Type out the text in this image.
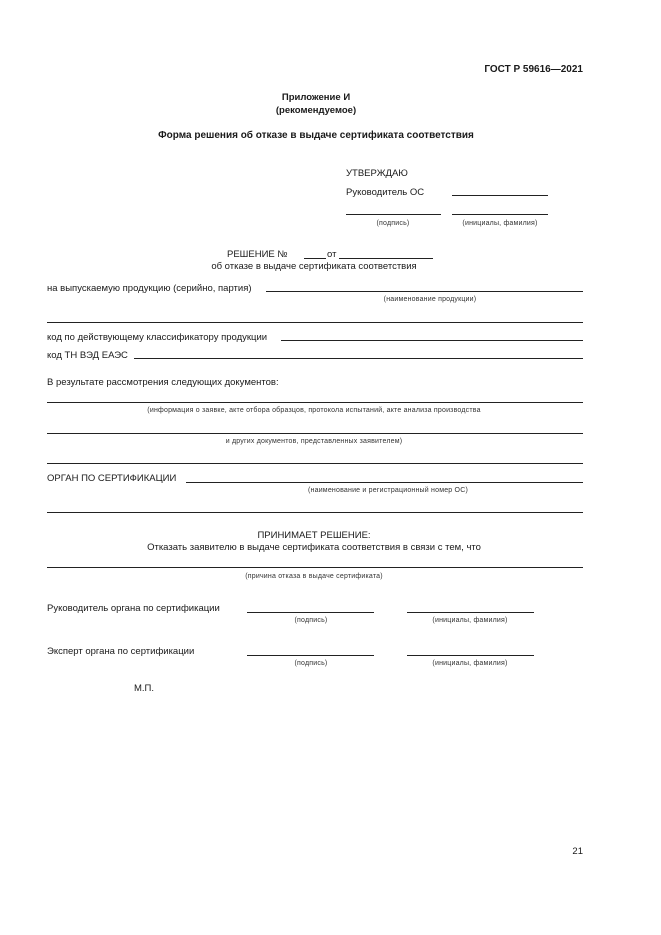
ГОСТ Р 59616—2021
Приложение И
(рекомендуемое)
Форма решения об отказе в выдаче сертификата соответствия
УТВЕРЖДАЮ
Руководитель ОС
(подпись)	(инициалы, фамилия)
РЕШЕНИЕ №	от
об отказе в выдаче сертификата соответствия
на выпускаемую продукцию (серийно, партия)
(наименование продукции)
код по действующему классификатору продукции
код ТН ВЭД ЕАЭС
В результате рассмотрения следующих документов:
(информация о заявке, акте отбора образцов, протокола испытаний, акте анализа производства
и других документов, представленных заявителем)
ОРГАН ПО СЕРТИФИКАЦИИ
(наименование и регистрационный номер ОС)
ПРИНИМАЕТ РЕШЕНИЕ:
Отказать заявителю в выдаче сертификата соответствия в связи с тем, что
(причина отказа в выдаче сертификата)
Руководитель органа по сертификации
(подпись)	(инициалы, фамилия)
Эксперт органа по сертификации
(подпись)	(инициалы, фамилия)
М.П.
21
